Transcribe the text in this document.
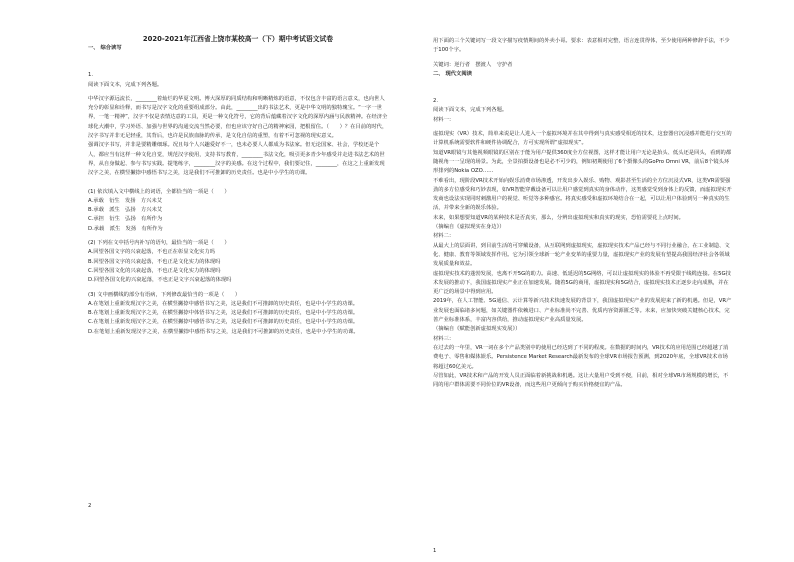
2020-2021年江西省上饶市某校高一（下）期中考试语文试卷

一、 综合读写

1.

阅读下面文本，完成下列各题。

中华汉字源远流长，________着灿烂的华夏文明。博大深厚的同质结构和明晰精炼的语意，不仅包含丰富的语言意义，也向世人充分的彰显和诠释，而书写是汉字文化的重要组成部分。由此，________出的书法艺术，更是中华文明的独特瑰宝。“一字一世界，一笔一精神”，汉字不仅是表情达意的工具，更是一种文化符号，它的背后蕴藏着汉字文化的深厚内涵与民族精神。在经济全球化大潮中，学习外语、加强与世界的沟通交流当然必要，但也应该守好自己的精神家园，把根留住。（　　）？在目前的时代，汉字书写并非无足轻重，其背后，也许是民族血脉的传承，是文化自信的重塑，有着不可忽视的现实意义。

强调汉字书写，并非是要精雕细琢。况且每个人兴趣爱好不一，也未必要人人都成为书法家。但无论国家、社会，学校还是个人，都应当有这样一种文化自觉，规范汉字使用，支持书写教育，________书法文化，吸引更多青少年感受并走进书法艺术的世界，从自身做起、参与书写实践。提笔练字，________汉字的美感。在这个过程中，我们要记住，________，在这之上重新发现汉字之美，在横竖撇捺中感悟书写之美，这是我们不可推卸的历史责任。也是中小学生的功课。

(1) 依次填入文中横线上的词语，全都恰当的一项是（　　）

A.承载　衍生　发扬　方兴未艾

B.承载　派生　弘扬　方兴未艾

C.承担　衍生　弘扬　有所作为

D.承载　派生　发扬　有所作为

(2) 下列在文中括号内补写的语句，最恰当的一项是（　　）

A.回望各国文字的兴衰起落，不也正在彰显文化实力吗

B.回望各国文字的兴衰起落，不也正是文化实力的体现吗

C.回望各国文化的兴衰起落，不也正是文化实力的体现吗

D.回望各国文化的兴衰起落，不也正是文字兴衰起落的体现吗

(3) 文中画横线的部分有语病，下列修改最恰当的一项是（　　）

A.在笔划上重新发现汉字之美，在横竖撇捺中感悟书写之美，这是我们不可推卸的历史责任，也是中小学生的功课。

B.在笔划上重新发现汉字之美，在横竖撇捺中体悟书写之美，这是我们不可推卸的历史责任，也是中小学生的功课。

C.在笔划上重新发现汉字之美，在横竖撇捺中感悟书写之美，这是我们不可推卸的历史责任，也是中小学生的功课。

D.在笔划上重新发现汉字之美，在横竖撇捺中感悟书写之美，这是我们不可推卸的历史责任，也是中小学生的功课。

2

用下面的三个关键词写一段文字描写疫情期间的外卖小哥。要求：表意相对完整，语言连贯得体，至少使用两种修辞手法，不少于100个字。

关键词：逆行者　摆渡人　守护者

二、 现代文阅读

2.

阅读下面文本，完成下列各题。

材料一：

虚拟现实（VR）技术，简单来说是让人进入一个虚拟环境并在其中得到与真实感受相近的技术，这套器官沉浸感并能进行交互的计算机系统需要软件和硬件协调配合，方可实现所谓“虚拟现实”。

知道VR眼镜与其他视频眼镜的区别在于能为用户提供360度全方位视图，这样才能让用户无论是抬头、低头还是回头，看到的都随视角一一呈现的场景。为此，全景拍摄设备也是必不可少的，例如初期使用了6个摄像头的GoPro Omni VR，前后8个镜头环形排列的Nokia OZO……

不难看出，现阶段VR技术开始向娱乐消费市场渗透，开发出步入娱乐、购物、观影甚至生活的全方位沉浸式VR，这类VR需要强劲的多方位感受和巧妙表现，如VR智能穿戴设备可以让用户感觉到真实的身体动作，这类感觉受到身体上的反馈，而虚拟现实开发商也设法实现同时刺激用户的视觉、听觉等多种感官。将真实感受和虚拟环境结合在一起，可以让用户体验到另一种真实的生活，并带来全新的娱乐体验。

未来，如果想要知道VR的某种技术是否真实，那么，分辨出虚拟现实和真实的现实，恐怕需要花上点时间。

（摘编自《虚拟现实在身边》）

材料二：

从最大上的层面讲，到目前生活的可穿戴设备，从互联网到虚拟现实，虚拟现实技术产品已经与不同行业融合，在工业制造、文化、健康、教育等领域发挥作用。它为引领全球新一轮产业变革的重要力量，虚拟现实产业的发展有望提高我国经济社会各领域发展质量和效益。

虚拟现实技术的蓬勃发展，也离不开5G的助力。高速、低延迟的5G网络，可以让虚拟现实的体验不再受限于线缆连接。在5G技术发展的推动下，我国虚拟现实产业正在加速发展。随着5G的商用，虚拟现实和5G结合，虚拟现实技术正逐步走向成熟，并在更广泛的场景中得到应用。

2019年，在人工智能、5G通信、云计算等新兴技术快速发展的背景下，我国虚拟现实产业的发展迎来了新的机遇。但是，VR产业发展也面临诸多问题，如关键器件依赖进口、产业标准尚不完善、优质内容资源匮乏等。未来，应加快突破关键核心技术，完善产业标准体系，丰富内容供给，推动虚拟现实产业高质量发展。

（摘编自《赋能创新虚拟现实发展》）

材料三：

在过去的一年里，VR一词在多个产品类别中的使用已经达到了不同的程度。在数据的时间内，VR技术的应用范围已经超越了消费电子、零售和媒体娱乐。Persistence Market Research最新发布的全球VR市场报告预测，到2020年底，全球VR技术市场将超过60亿美元。

尽管如此，VR技术和产品的开发人员正面临着新挑战和机遇。这让大量用户受到不便，目前，相对全球VR市场规模的增长，不同的用户群体需要不同价位的VR设备，而这些用户更倾向于购买价格便宜的产品。

1
